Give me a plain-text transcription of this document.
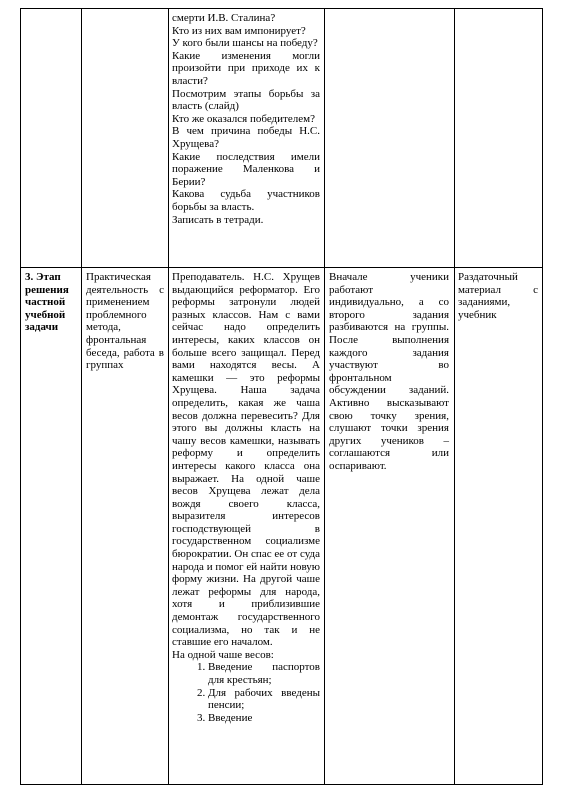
смерти И.В. Сталина?

Кто из них вам импонирует?

У кого были шансы на победу?

Какие изменения могли произойти при приходе их к власти?

Посмотрим этапы борьбы за власть (слайд)

Кто же оказался победителем?

В чем причина победы Н.С. Хрущева?

Какие последствия имели поражение Маленкова и Берии?

Какова судьба участников борьбы за власть.

Записать в тетради.

3. Этап решения частной учебной задачи

Практическая деятельность с применением проблемного метода, фронтальная беседа, работа в группах

Преподаватель. Н.С. Хрущев выдающийся реформатор. Его реформы затронули людей разных классов. Нам с вами сейчас надо определить интересы, каких классов он больше всего защищал. Перед вами находятся весы. А камешки — это реформы Хрущева. Наша задача определить, какая же чаша весов должна перевесить? Для этого вы должны класть на чашу весов камешки, называть реформу и определить интересы какого класса она выражает. На одной чаше весов Хрущева лежат дела вождя своего класса, выразителя интересов господствующей в государственном социализме бюрократии. Он спас ее от суда народа и помог ей найти новую форму жизни. На другой чаше лежат реформы для народа, хотя и приблизившие демонтаж государственного социализма, но так и не ставшие его началом.

На одной чаше весов:

1. Введение паспортов для крестьян;
2. Для рабочих введены пенсии;
3. Введение

Вначале ученики работают индивидуально, а со второго задания разбиваются на группы. После выполнения каждого задания участвуют во фронтальном обсуждении заданий. Активно высказывают свою точку зрения, слушают точки зрения других учеников – соглашаются или оспаривают.

Раздаточный материал с заданиями, учебник
